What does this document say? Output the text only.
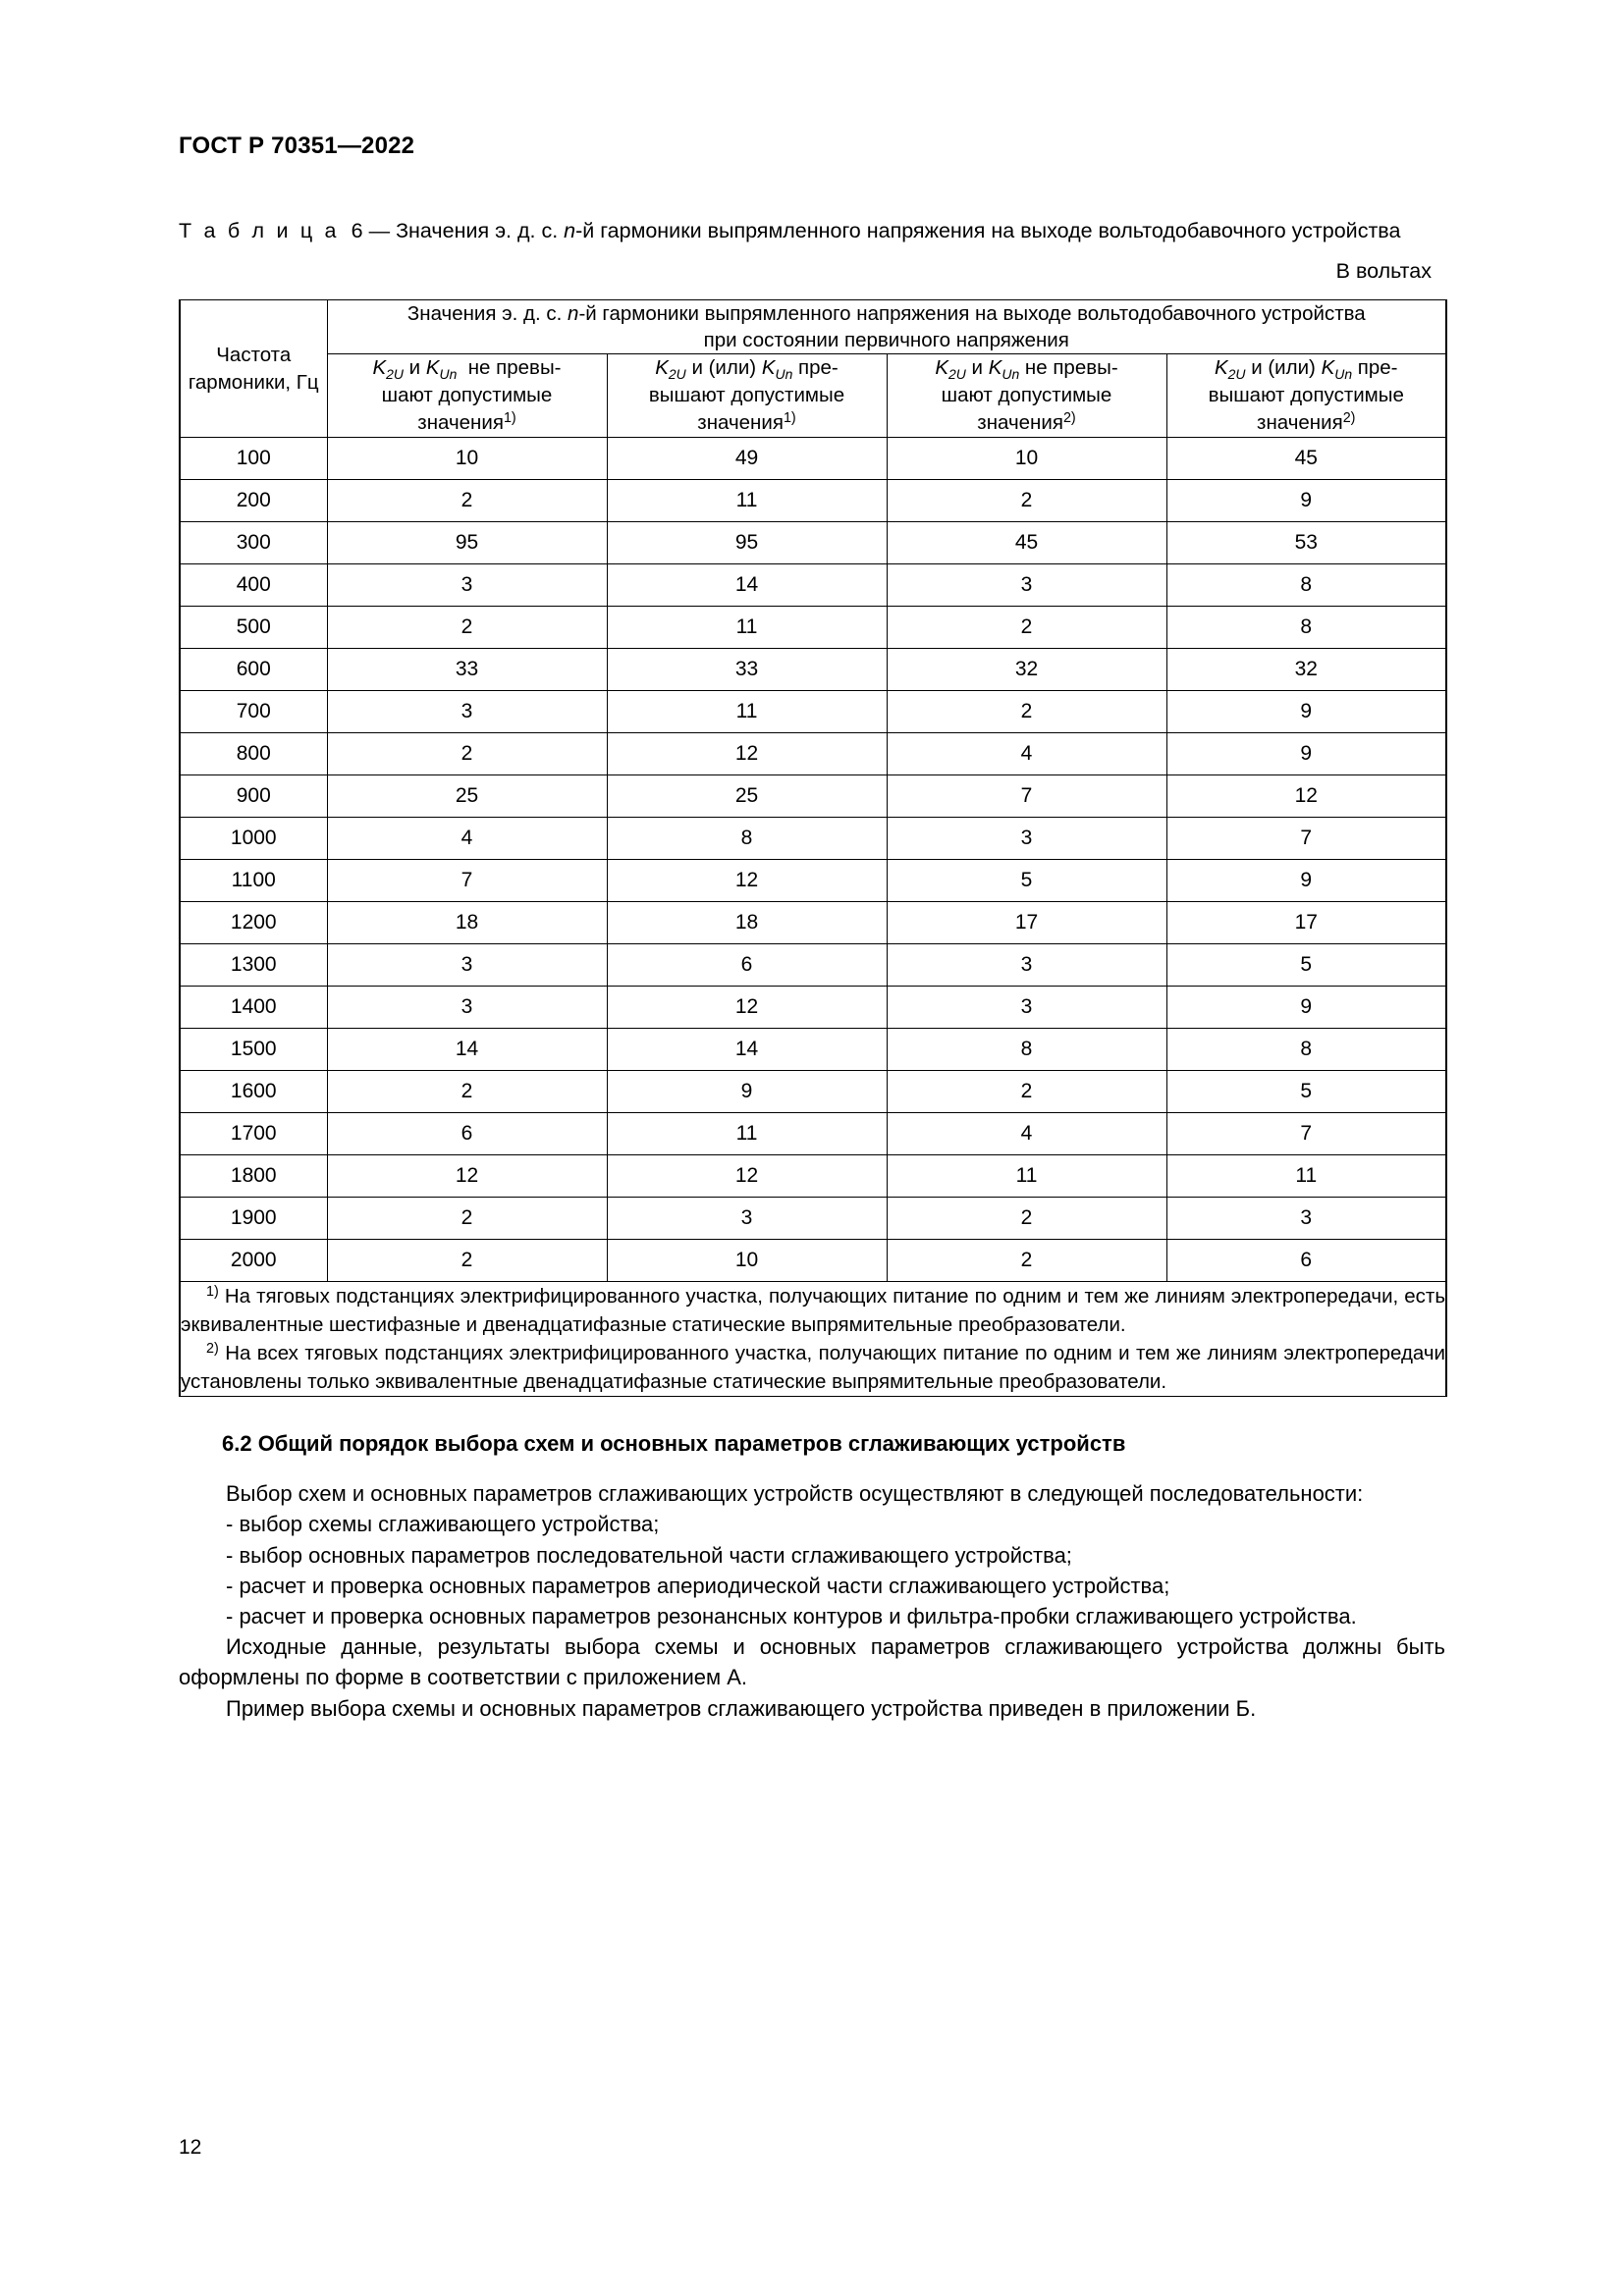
ГОСТ Р 70351—2022
Т а б л и ц а 6 — Значения э. д. с. n-й гармоники выпрямленного напряжения на выходе вольтодобавочного устройства
В вольтах
Частота
гармоники, Гц	Значения э. д. с. n-й гармоники выпрямленного напряжения на выходе вольтодобавочного устройства
при состоянии первичного напряжения			
	$K_{2U}$ и $K_{Un}$  не превы-
шают допустимые
значения$^{1)}$	$K_{2U}$ и (или) $K_{Un}$ пре-
вышают допустимые
значения$^{1)}$	$K_{2U}$ и $K_{Un}$ не превы-
шают допустимые
значения$^{2)}$	$K_{2U}$ и (или) $K_{Un}$ пре-
вышают допустимые
значения$^{2)}$
100	10	49	10	45
200	2	11	2	9
300	95	95	45	53
400	3	14	3	8
500	2	11	2	8
600	33	33	32	32
700	3	11	2	9
800	2	12	4	9
900	25	25	7	12
1000	4	8	3	7
1100	7	12	5	9
1200	18	18	17	17
1300	3	6	3	5
1400	3	12	3	9
1500	14	14	8	8
1600	2	9	2	5
1700	6	11	4	7
1800	12	12	11	11
1900	2	3	2	3
2000	2	10	2	6

$^{1)}$ На тяговых подстанциях электрифицированного участка, получающих питание по одним и тем же линиям электропередачи, есть эквивалентные шестифазные и двенадцатифазные статические выпрямительные преобразователи.

$^{2)}$ На всех тяговых подстанциях электрифицированного участка, получающих питание по одним и тем же линиям электропередачи установлены только эквивалентные двенадцатифазные статические выпрямительные преобразователи.				

6.2 Общий порядок выбора схем и основных параметров сглаживающих устройств

Выбор схем и основных параметров сглаживающих устройств осуществляют в следующей последовательности:

- выбор схемы сглаживающего устройства;

- выбор основных параметров последовательной части сглаживающего устройства;

- расчет и проверка основных параметров апериодической части сглаживающего устройства;

- расчет и проверка основных параметров резонансных контуров и фильтра-пробки сглаживающего устройства.

Исходные данные, результаты выбора схемы и основных параметров сглаживающего устройства должны быть оформлены по форме в соответствии с приложением А.

Пример выбора схемы и основных параметров сглаживающего устройства приведен в приложении Б.

12
